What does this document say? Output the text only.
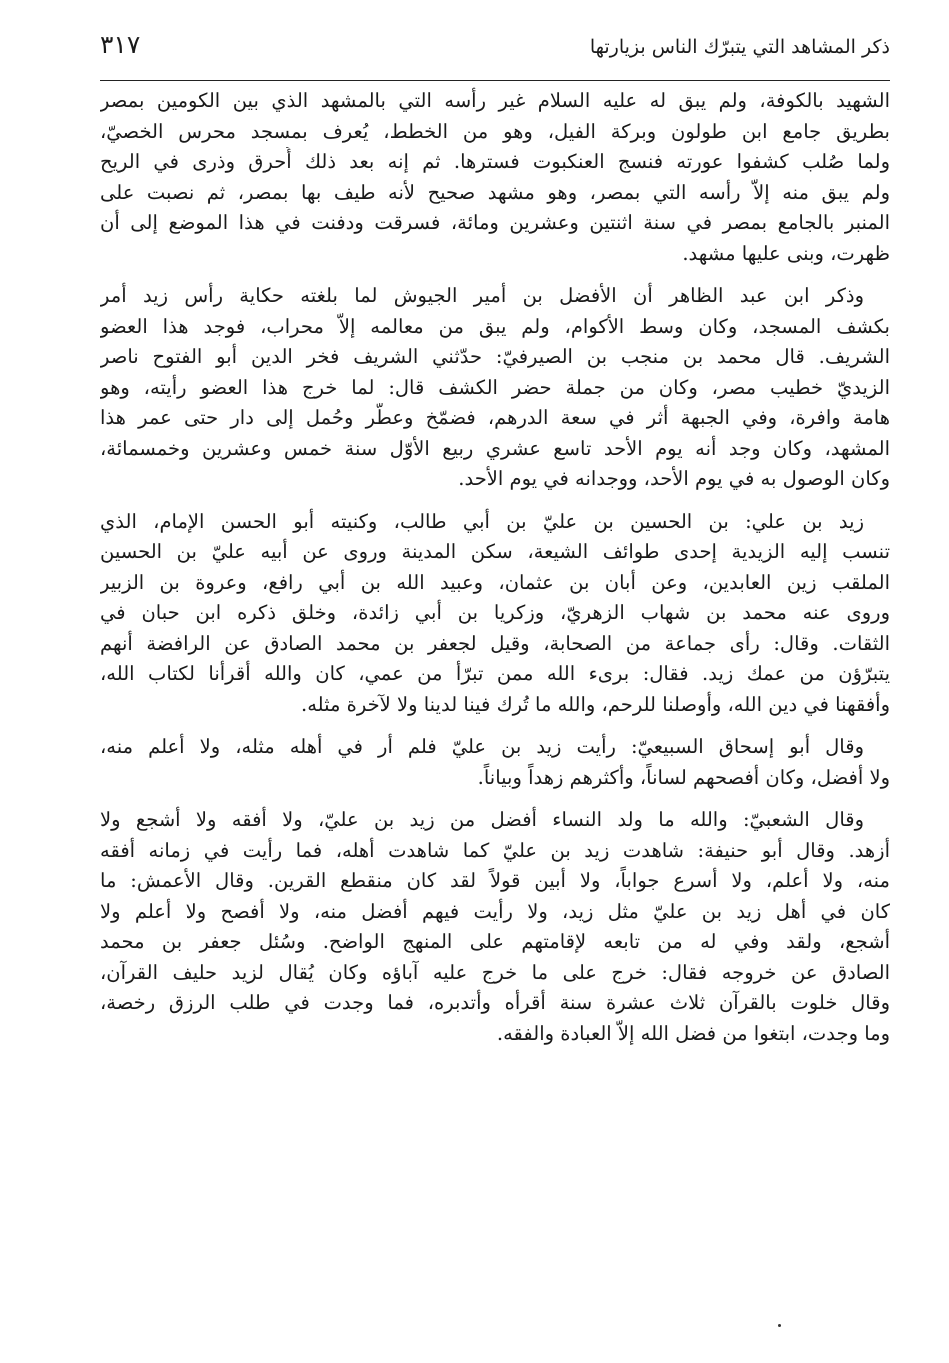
ذكر المشاهد التي يتبرّك الناس بزيارتها
٣١٧
الشهيد بالكوفة، ولم يبق له عليه السلام غير رأسه التي بالمشهد الذي بين الكومين بمصر
بطريق جامع ابن طولون وبركة الفيل، وهو من الخطط، يُعرف بمسجد محرس الخصيّ،
ولما صُلب كشفوا عورته فنسج العنكبوت فسترها. ثم إنه بعد ذلك أُحرق وذرى في الريح
ولم يبق منه إلاّ رأسه التي بمصر، وهو مشهد صحيح لأنه طيف بها بمصر، ثم نصبت على
المنبر بالجامع بمصر في سنة اثنتين وعشرين ومائة، فسرقت ودفنت في هذا الموضع إلى أن
ظهرت، وبنى عليها مشهد.
وذكر ابن عبد الظاهر أن الأفضل بن أمير الجيوش لما بلغته حكاية رأس زيد أمر
بكشف المسجد، وكان وسط الأكوام، ولم يبق من معالمه إلاّ محراب، فوجد هذا العضو
الشريف. قال محمد بن منجب بن الصيرفيّ: حدّثني الشريف فخر الدين أبو الفتوح ناصر
الزيديّ خطيب مصر، وكان من جملة حضر الكشف قال: لما خرج هذا العضو رأيته، وهو
هامة وافرة، وفي الجبهة أثر في سعة الدرهم، فضمّخ وعطّر وحُمل إلى دار حتى عمر هذا
المشهد، وكان وجد أنه يوم الأحد تاسع عشري ربيع الأوّل سنة خمس وعشرين وخمسمائة،
وكان الوصول به في يوم الأحد، ووجدانه في يوم الأحد.
زيد بن علي: بن الحسين بن عليّ بن أبي طالب، وكنيته أبو الحسن الإمام، الذي
تنسب إليه الزيدية إحدى طوائف الشيعة، سكن المدينة وروى عن أبيه عليّ بن الحسين
الملقب زين العابدين، وعن أبان بن عثمان، وعبيد الله بن أبي رافع، وعروة بن الزبير
وروى عنه محمد بن شهاب الزهريّ، وزكريا بن أبي زائدة، وخلق ذكره ابن حبان في
الثقات. وقال: رأى جماعة من الصحابة، وقيل لجعفر بن محمد الصادق عن الرافضة أنهم
يتبرّؤن من عمك زيد. فقال: برىء الله ممن تبرّأ من عمي، كان والله أقرأنا لكتاب الله،
وأفقهنا في دين الله، وأوصلنا للرحم، والله ما تُرك فينا لدينا ولا لآخرة مثله.
وقال أبو إسحاق السبيعيّ: رأيت زيد بن عليّ فلم أر في أهله مثله، ولا أعلم منه،
ولا أفضل، وكان أفصحهم لساناً، وأكثرهم زهداً وبياناً.
وقال الشعبيّ: والله ما ولد النساء أفضل من زيد بن عليّ، ولا أفقه ولا أشجع ولا
أزهد. وقال أبو حنيفة: شاهدت زيد بن عليّ كما شاهدت أهله، فما رأيت في زمانه أفقه
منه، ولا أعلم، ولا أسرع جواباً، ولا أبين قولاً لقد كان منقطع القرين. وقال الأعمش: ما
كان في أهل زيد بن عليّ مثل زيد، ولا رأيت فيهم أفضل منه، ولا أفصح ولا أعلم ولا
أشجع، ولقد وفي له من تابعه لإقامتهم على المنهج الواضح. وسُئل جعفر بن محمد
الصادق عن خروجه فقال: خرج على ما خرج عليه آباؤه وكان يُقال لزيد حليف القرآن،
وقال خلوت بالقرآن ثلاث عشرة سنة أقرأه وأتدبره، فما وجدت في طلب الرزق رخصة،
وما وجدت، ابتغوا من فضل الله إلاّ العبادة والفقه.
